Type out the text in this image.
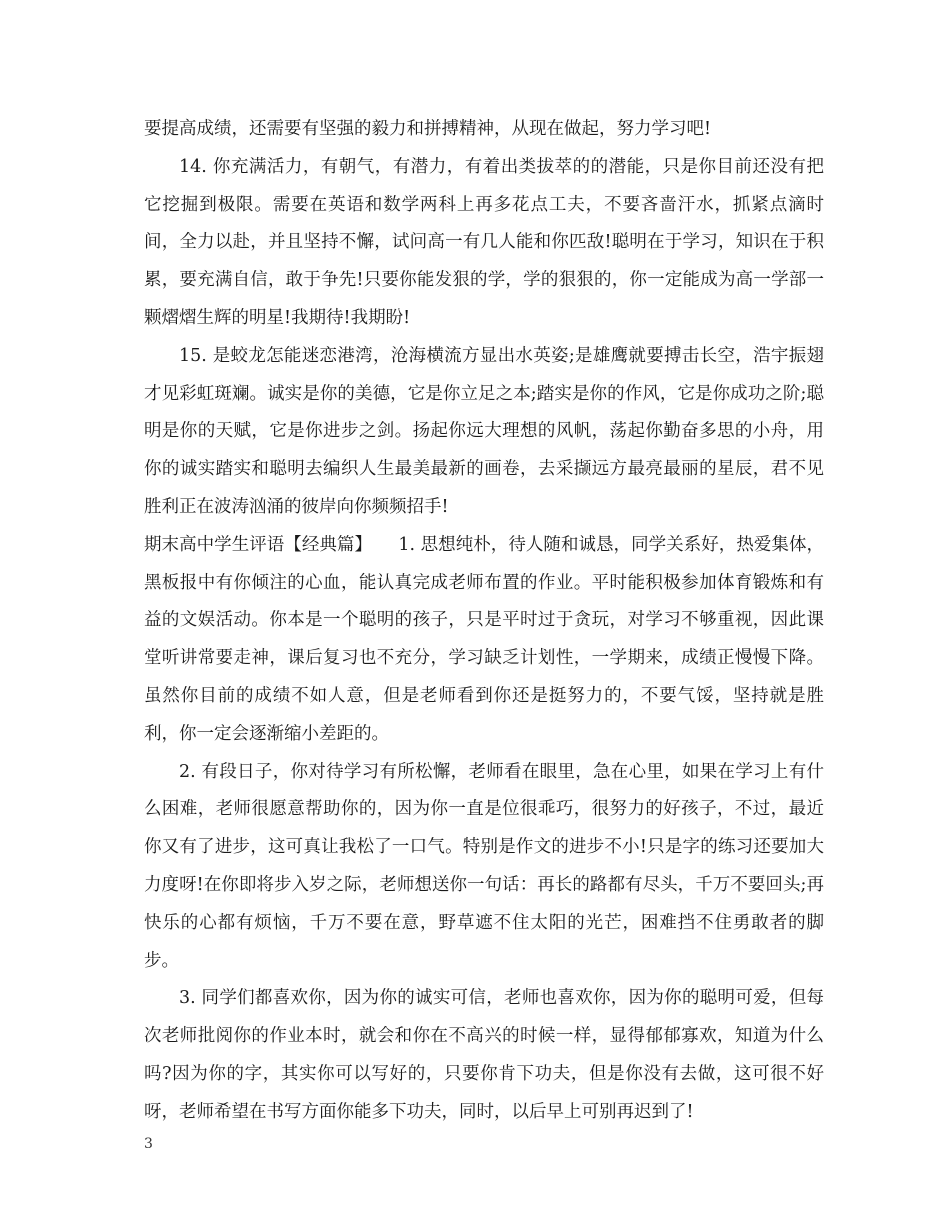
要提高成绩，还需要有坚强的毅力和拼搏精神，从现在做起，努力学习吧!

14. 你充满活力，有朝气，有潜力，有着出类拔萃的的潜能，只是你目前还没有把它挖掘到极限。需要在英语和数学两科上再多花点工夫，不要吝啬汗水，抓紧点滴时间，全力以赴，并且坚持不懈，试问高一有几人能和你匹敌!聪明在于学习，知识在于积累，要充满自信，敢于争先!只要你能发狠的学，学的狠狠的，你一定能成为高一学部一颗熠熠生辉的明星!我期待!我期盼!

15. 是蛟龙怎能迷恋港湾，沧海横流方显出水英姿;是雄鹰就要搏击长空，浩宇振翅才见彩虹斑斓。诚实是你的美德，它是你立足之本;踏实是你的作风，它是你成功之阶;聪明是你的天赋，它是你进步之剑。扬起你远大理想的风帆，荡起你勤奋多思的小舟，用你的诚实踏实和聪明去编织人生最美最新的画卷，去采撷远方最亮最丽的星辰，君不见胜利正在波涛汹涌的彼岸向你频频招手!

期末高中学生评语【经典篇】　　1. 思想纯朴，待人随和诚恳，同学关系好，热爱集体，黑板报中有你倾注的心血，能认真完成老师布置的作业。平时能积极参加体育锻炼和有益的文娱活动。你本是一个聪明的孩子，只是平时过于贪玩，对学习不够重视，因此课堂听讲常要走神，课后复习也不充分，学习缺乏计划性，一学期来，成绩正慢慢下降。虽然你目前的成绩不如人意，但是老师看到你还是挺努力的，不要气馁，坚持就是胜利，你一定会逐渐缩小差距的。

2. 有段日子，你对待学习有所松懈，老师看在眼里，急在心里，如果在学习上有什么困难，老师很愿意帮助你的，因为你一直是位很乖巧，很努力的好孩子，不过，最近你又有了进步，这可真让我松了一口气。特别是作文的进步不小!只是字的练习还要加大力度呀!在你即将步入岁之际，老师想送你一句话：再长的路都有尽头，千万不要回头;再快乐的心都有烦恼，千万不要在意，野草遮不住太阳的光芒，困难挡不住勇敢者的脚步。

3. 同学们都喜欢你，因为你的诚实可信，老师也喜欢你，因为你的聪明可爱，但每次老师批阅你的作业本时，就会和你在不高兴的时候一样，显得郁郁寡欢，知道为什么吗?因为你的字，其实你可以写好的，只要你肯下功夫，但是你没有去做，这可很不好呀，老师希望在书写方面你能多下功夫，同时，以后早上可别再迟到了!

3
